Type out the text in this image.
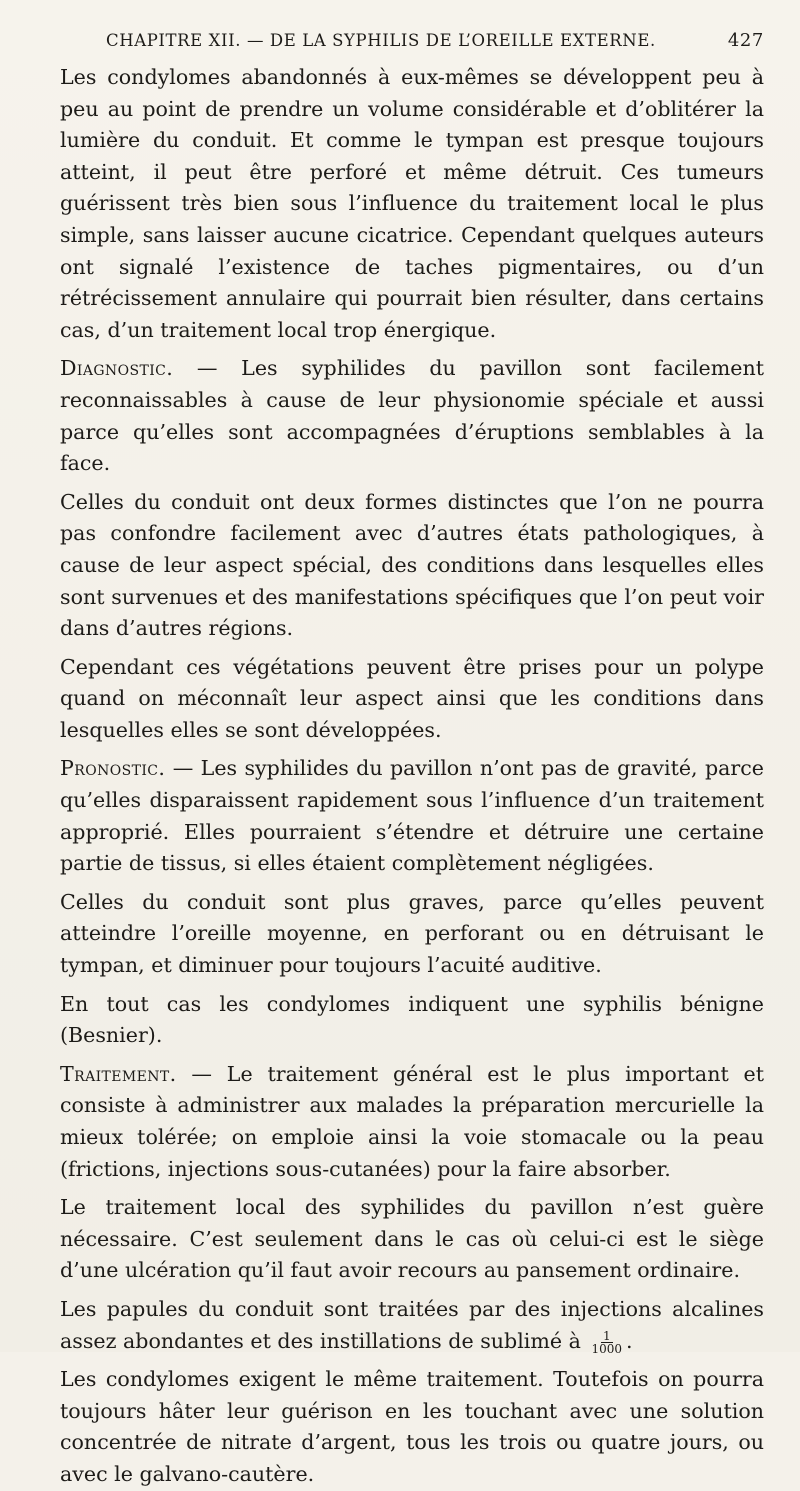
CHAPITRE XII. — DE LA SYPHILIS DE L’OREILLE EXTERNE.	427

Les condylomes abandonnés à eux-mêmes se développent peu à peu au point de prendre un volume considérable et d’oblitérer la lumière du conduit. Et comme le tympan est presque toujours atteint, il peut être perforé et même détruit. Ces tumeurs guérissent très bien sous l’influence du traitement local le plus simple, sans laisser aucune cicatrice. Cependant quelques auteurs ont signalé l’existence de taches pigmentaires, ou d’un rétrécissement annulaire qui pourrait bien résulter, dans certains cas, d’un traitement local trop énergique.

Diagnostic. — Les syphilides du pavillon sont facilement reconnaissables à cause de leur physionomie spéciale et aussi parce qu’elles sont accompagnées d’éruptions semblables à la face.

Celles du conduit ont deux formes distinctes que l’on ne pourra pas confondre facilement avec d’autres états pathologiques, à cause de leur aspect spécial, des conditions dans lesquelles elles sont survenues et des manifestations spécifiques que l’on peut voir dans d’autres régions.

Cependant ces végétations peuvent être prises pour un polype quand on méconnaît leur aspect ainsi que les conditions dans lesquelles elles se sont développées.

Pronostic. — Les syphilides du pavillon n’ont pas de gravité, parce qu’elles disparaissent rapidement sous l’influence d’un traitement approprié. Elles pourraient s’étendre et détruire une certaine partie de tissus, si elles étaient complètement négligées.

Celles du conduit sont plus graves, parce qu’elles peuvent atteindre l’oreille moyenne, en perforant ou en détruisant le tympan, et diminuer pour toujours l’acuité auditive.

En tout cas les condylomes indiquent une syphilis bénigne (Besnier).

Traitement. — Le traitement général est le plus important et consiste à administrer aux malades la préparation mercurielle la mieux tolérée; on emploie ainsi la voie stomacale ou la peau (frictions, injections sous-cutanées) pour la faire absorber.

Le traitement local des syphilides du pavillon n’est guère nécessaire. C’est seulement dans le cas où celui-ci est le siège d’une ulcération qu’il faut avoir recours au pansement ordinaire.

Les papules du conduit sont traitées par des injections alcalines assez abondantes et des instillations de sublimé à $\frac{1}{1000}$ .

Les condylomes exigent le même traitement. Toutefois on pourra toujours hâter leur guérison en les touchant avec une solution concentrée de nitrate d’argent, tous les trois ou quatre jours, ou avec le galvano-cautère.
